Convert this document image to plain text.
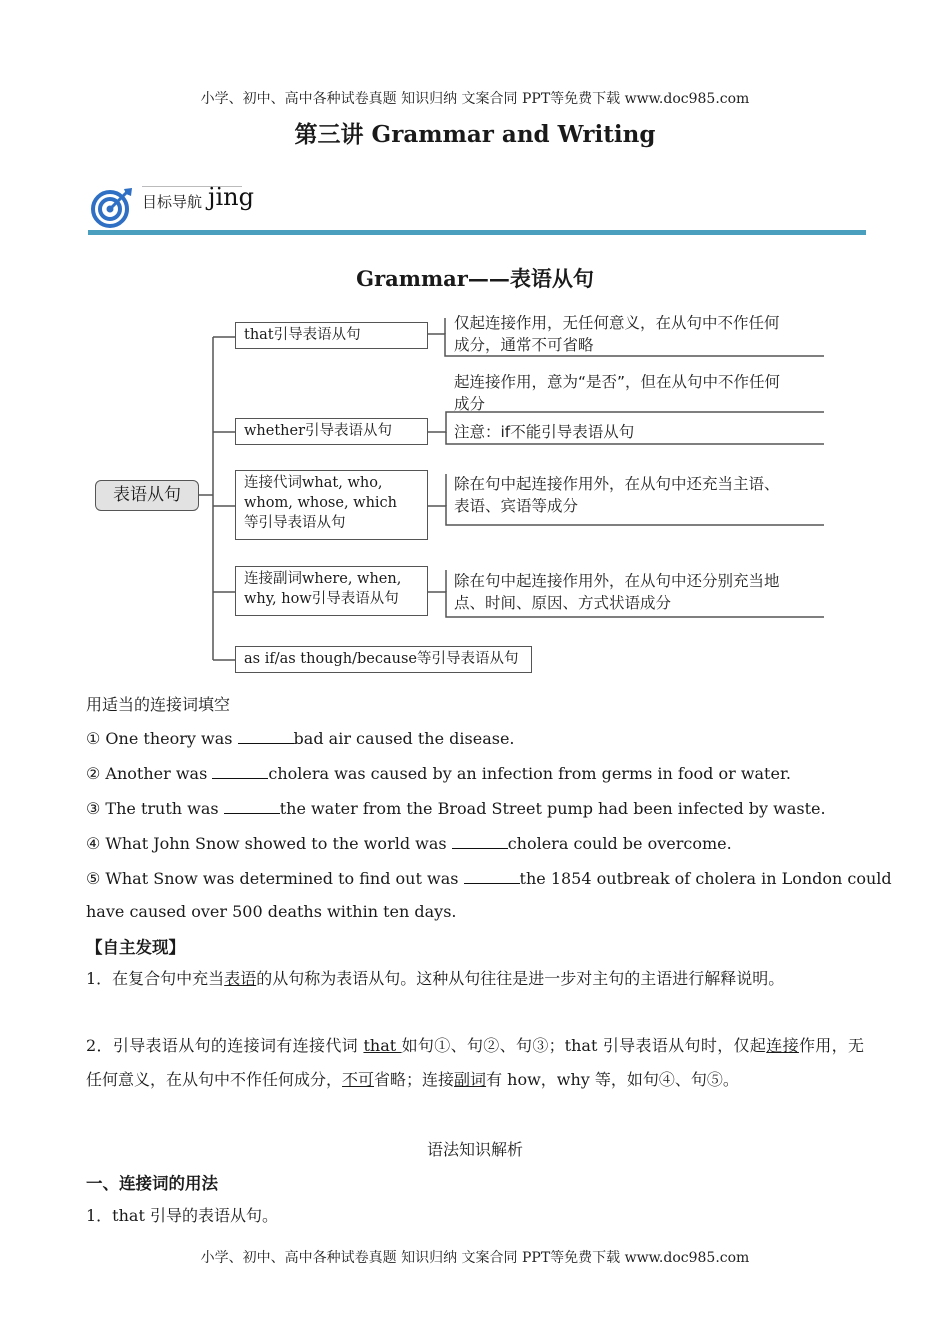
小学、初中、高中各种试卷真题 知识归纳 文案合同 PPT等免费下载 www.doc985.com
第三讲 Grammar and Writing
目标导航 jing
Grammar——表语从句
表语从句
that引导表语从句
whether引导表语从句
连接代词what, who,
whom, whose, which
等引导表语从句
连接副词where, when,
why, how引导表语从句
as if/as though/because等引导表语从句
仅起连接作用，无任何意义，在从句中不作任何
成分，通常不可省略
起连接作用，意为“是否”，但在从句中不作任何
成分
注意：if不能引导表语从句
除在句中起连接作用外，在从句中还充当主语、
表语、宾语等成分
除在句中起连接作用外，在从句中还分别充当地
点、时间、原因、方式状语成分
用适当的连接词填空
① One theory was	bad air caused the disease.
② Another was	cholera was caused by an infection from germs in food or water.
③ The truth was	the water from the Broad Street pump had been infected by waste.
④ What John Snow showed to the world was	cholera could be overcome.
⑤ What Snow was determined to find out was	the 1854 outbreak of cholera in London could
have caused over 500 deaths within ten days.
【自主发现】
1．在复合句中充当表语的从句称为表语从句。这种从句往往是进一步对主句的主语进行解释说明。
2．引导表语从句的连接词有连接代词 that 如句①、句②、句③；that 引导表语从句时，仅起连接作用，无任何意义，在从句中不作任何成分，不可省略；连接副词有 how，why 等，如句④、句⑤。
语法知识解析
一、连接词的用法
1．that 引导的表语从句。
小学、初中、高中各种试卷真题 知识归纳 文案合同 PPT等免费下载 www.doc985.com
